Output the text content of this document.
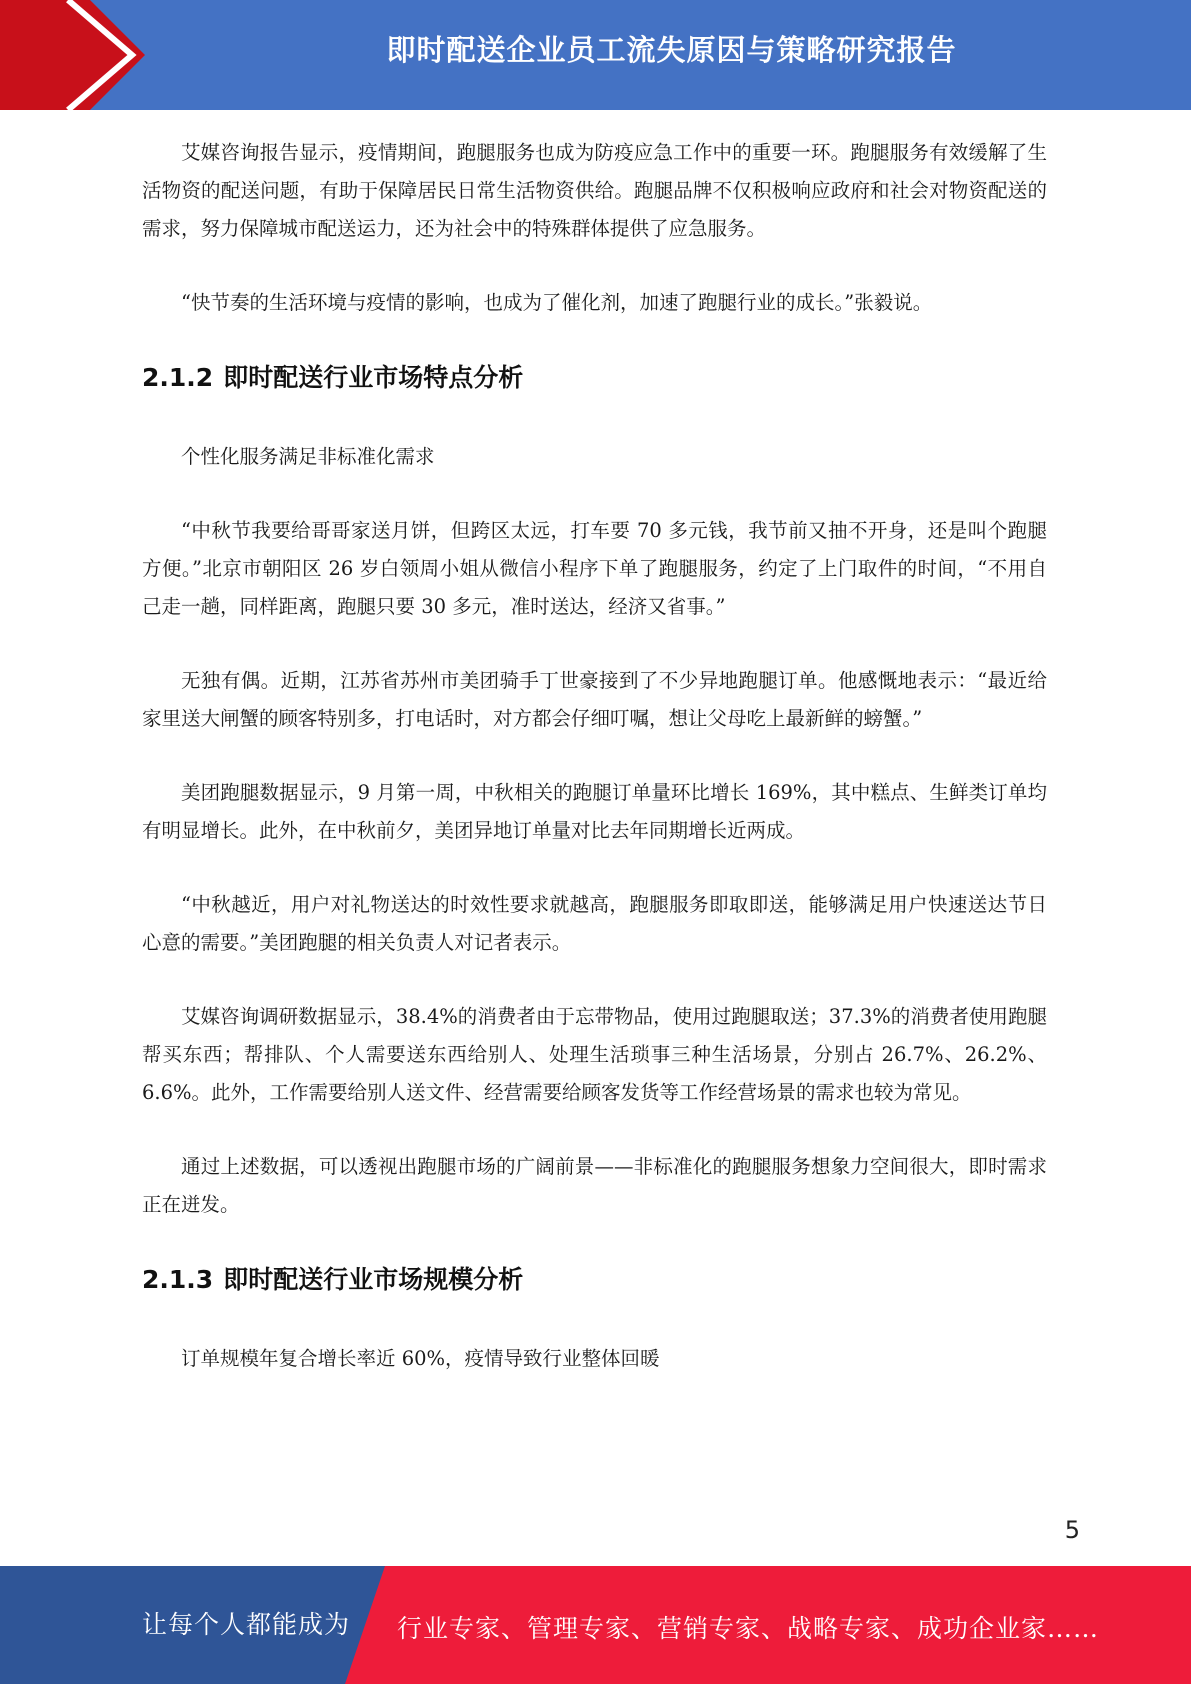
即时配送企业员工流失原因与策略研究报告

艾媒咨询报告显示，疫情期间，跑腿服务也成为防疫应急工作中的重要一环。跑腿服务有效缓解了生活物资的配送问题，有助于保障居民日常生活物资供给。跑腿品牌不仅积极响应政府和社会对物资配送的需求，努力保障城市配送运力，还为社会中的特殊群体提供了应急服务。

“快节奏的生活环境与疫情的影响，也成为了催化剂，加速了跑腿行业的成长。”张毅说。

2.1.2 即时配送行业市场特点分析

个性化服务满足非标准化需求

“中秋节我要给哥哥家送月饼，但跨区太远，打车要 70 多元钱，我节前又抽不开身，还是叫个跑腿方便。”北京市朝阳区 26 岁白领周小姐从微信小程序下单了跑腿服务，约定了上门取件的时间，“不用自己走一趟，同样距离，跑腿只要 30 多元，准时送达，经济又省事。”

无独有偶。近期，江苏省苏州市美团骑手丁世豪接到了不少异地跑腿订单。他感慨地表示：“最近给家里送大闸蟹的顾客特别多，打电话时，对方都会仔细叮嘱，想让父母吃上最新鲜的螃蟹。”

美团跑腿数据显示，9 月第一周，中秋相关的跑腿订单量环比增长 169%，其中糕点、生鲜类订单均有明显增长。此外，在中秋前夕，美团异地订单量对比去年同期增长近两成。

“中秋越近，用户对礼物送达的时效性要求就越高，跑腿服务即取即送，能够满足用户快速送达节日心意的需要。”美团跑腿的相关负责人对记者表示。

艾媒咨询调研数据显示，38.4%的消费者由于忘带物品，使用过跑腿取送；37.3%的消费者使用跑腿帮买东西；帮排队、个人需要送东西给别人、处理生活琐事三种生活场景，分别占 26.7%、26.2%、6.6%。此外，工作需要给别人送文件、经营需要给顾客发货等工作经营场景的需求也较为常见。

通过上述数据，可以透视出跑腿市场的广阔前景——非标准化的跑腿服务想象力空间很大，即时需求正在迸发。

2.1.3 即时配送行业市场规模分析

订单规模年复合增长率近 60%，疫情导致行业整体回暖

5
让每个人都能成为 行业专家、管理专家、营销专家、战略专家、成功企业家……
